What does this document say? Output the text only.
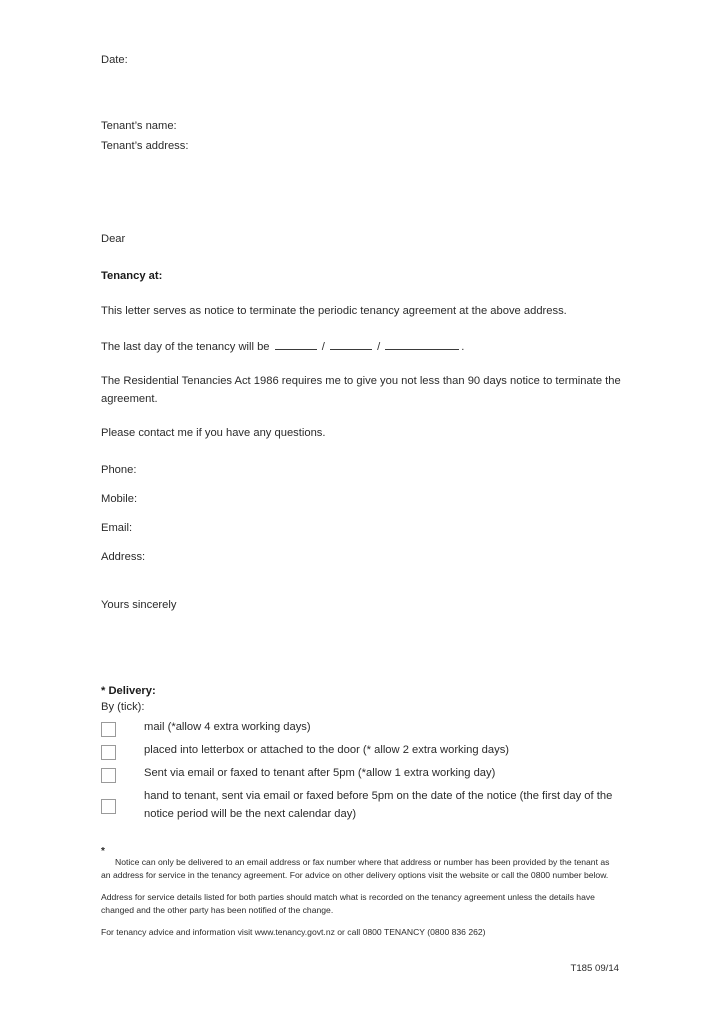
Date:
Tenant’s name:
Tenant’s address:
Dear
Tenancy at:

This letter serves as notice to terminate the periodic tenancy agreement at the above address.

The last day of the tenancy will be	/	/	.

The Residential Tenancies Act 1986 requires me to give you not less than 90 days notice to terminate the agreement.

Please contact me if you have any questions.

Phone:
Mobile:
Email:
Address:
Yours sincerely
* Delivery:
By (tick):
mail (*allow 4 extra working days)
placed into letterbox or attached to the door (* allow 2 extra working days)
Sent via email or faxed to tenant after 5pm (*allow 1 extra working day)
hand to tenant, sent via email or faxed before 5pm on the date of the notice (the first day of the notice period will be the next calendar day)
*

Notice can only be delivered to an email address or fax number where that address or number has been provided by the tenant as an address for service in the tenancy agreement. For advice on other delivery options visit the website or call the 0800 number below.

Address for service details listed for both parties should match what is recorded on the tenancy agreement unless the details have changed and the other party has been notified of the change.

For tenancy advice and information visit www.tenancy.govt.nz or call 0800 TENANCY (0800 836 262)

T185 09/14
